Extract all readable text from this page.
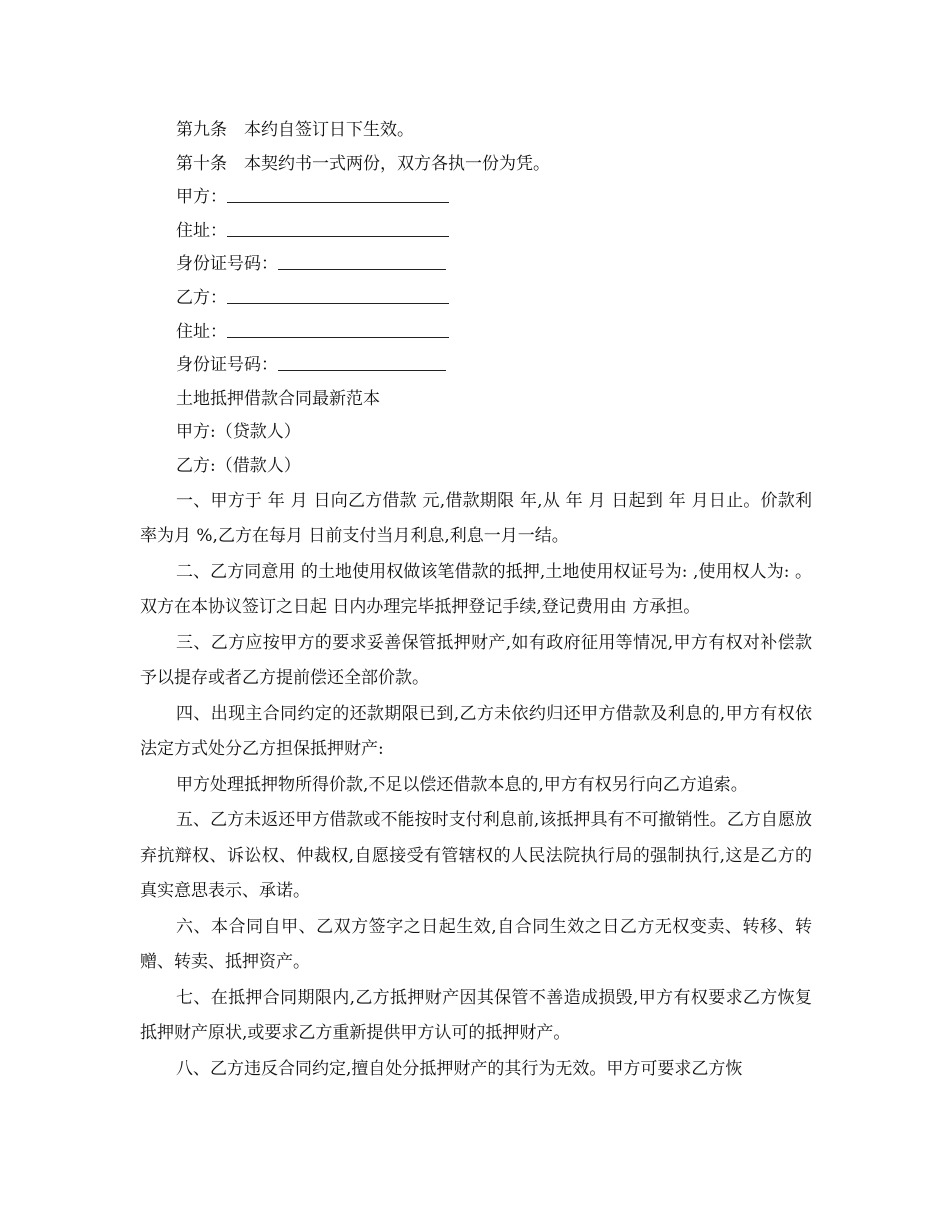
第九条　本约自签订日下生效。
第十条　本契约书一式两份，双方各执一份为凭。
甲方：
住址：
身份证号码：
乙方：
住址：
身份证号码：
土地抵押借款合同最新范本
甲方:（贷款人）
乙方:（借款人）
一、甲方于 年 月 日向乙方借款 元,借款期限 年,从 年 月 日起到 年 月日止。价款利率为月 %,乙方在每月 日前支付当月利息,利息一月一结。
二、乙方同意用 的土地使用权做该笔借款的抵押,土地使用权证号为: ,使用权人为: 。双方在本协议签订之日起 日内办理完毕抵押登记手续,登记费用由 方承担。
三、乙方应按甲方的要求妥善保管抵押财产,如有政府征用等情况,甲方有权对补偿款予以提存或者乙方提前偿还全部价款。
四、出现主合同约定的还款期限已到,乙方未依约归还甲方借款及利息的,甲方有权依法定方式处分乙方担保抵押财产:
甲方处理抵押物所得价款,不足以偿还借款本息的,甲方有权另行向乙方追索。
五、乙方未返还甲方借款或不能按时支付利息前,该抵押具有不可撤销性。乙方自愿放弃抗辩权、诉讼权、仲裁权,自愿接受有管辖权的人民法院执行局的强制执行,这是乙方的真实意思表示、承诺。
六、本合同自甲、乙双方签字之日起生效,自合同生效之日乙方无权变卖、转移、转赠、转卖、抵押资产。
七、在抵押合同期限内,乙方抵押财产因其保管不善造成损毁,甲方有权要求乙方恢复抵押财产原状,或要求乙方重新提供甲方认可的抵押财产。
八、乙方违反合同约定,擅自处分抵押财产的其行为无效。甲方可要求乙方恢
